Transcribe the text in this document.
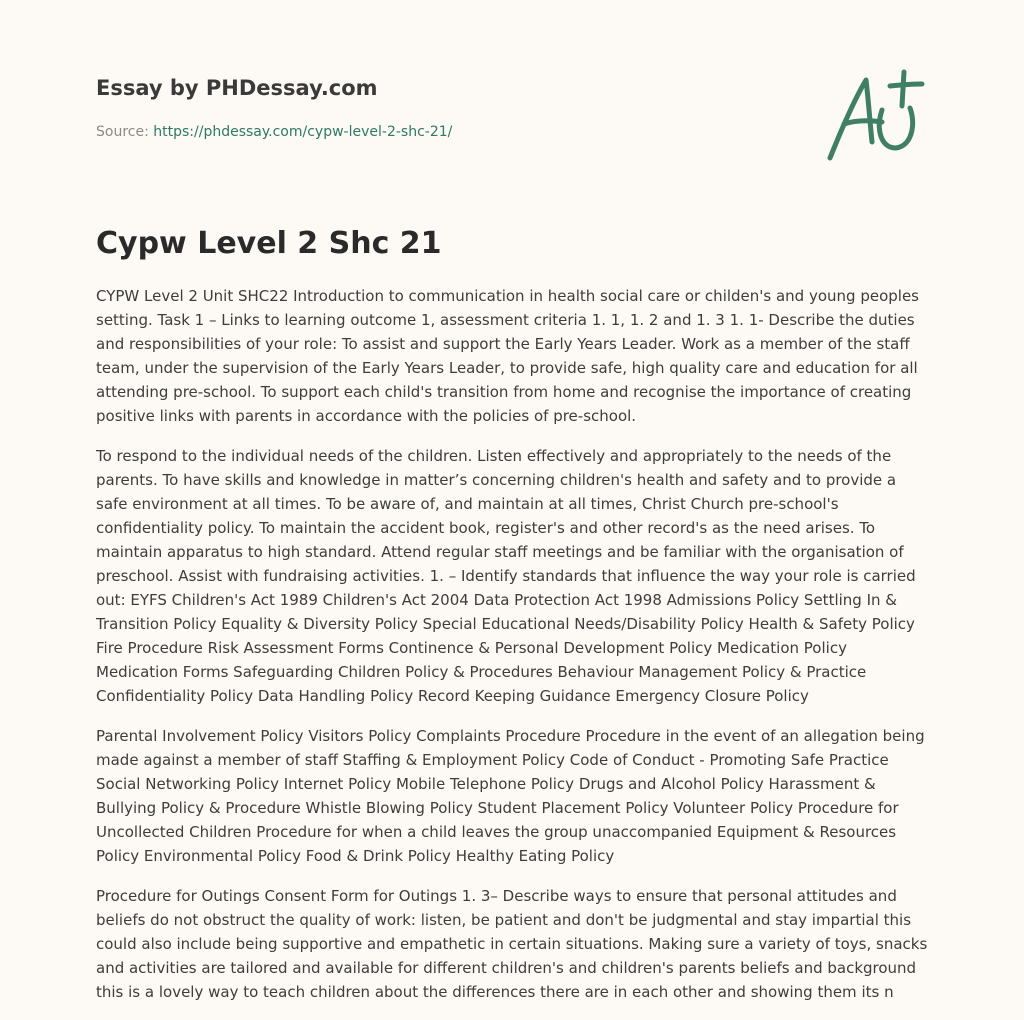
Essay by PHDessay.com
Source: https://phdessay.com/cypw-level-2-shc-21/
Cypw Level 2 Shc 21

CYPW Level 2 Unit SHC22 Introduction to communication in health social care or childen's and young peoples setting. Task 1 – Links to learning outcome 1, assessment criteria 1. 1, 1. 2 and 1. 3 1. 1- Describe the duties and responsibilities of your role: To assist and support the Early Years Leader. Work as a member of the staff team, under the supervision of the Early Years Leader, to provide safe, high quality care and education for all attending pre-school. To support each child's transition from home and recognise the importance of creating positive links with parents in accordance with the policies of pre-school.

To respond to the individual needs of the children. Listen effectively and appropriately to the needs of the parents. To have skills and knowledge in matter’s concerning children's health and safety and to provide a safe environment at all times. To be aware of, and maintain at all times, Christ Church pre-school's confidentiality policy. To maintain the accident book, register's and other record's as the need arises. To maintain apparatus to high standard. Attend regular staff meetings and be familiar with the organisation of preschool. Assist with fundraising activities. 1. – Identify standards that influence the way your role is carried out: EYFS Children's Act 1989 Children's Act 2004 Data Protection Act 1998 Admissions Policy Settling In & Transition Policy Equality & Diversity Policy Special Educational Needs/Disability Policy Health & Safety Policy Fire Procedure Risk Assessment Forms Continence & Personal Development Policy Medication Policy Medication Forms Safeguarding Children Policy & Procedures Behaviour Management Policy & Practice Confidentiality Policy Data Handling Policy Record Keeping Guidance Emergency Closure Policy

Parental Involvement Policy Visitors Policy Complaints Procedure Procedure in the event of an allegation being made against a member of staff Staffing & Employment Policy Code of Conduct - Promoting Safe Practice Social Networking Policy Internet Policy Mobile Telephone Policy Drugs and Alcohol Policy Harassment & Bullying Policy & Procedure Whistle Blowing Policy Student Placement Policy Volunteer Policy Procedure for Uncollected Children Procedure for when a child leaves the group unaccompanied Equipment & Resources Policy Environmental Policy Food & Drink Policy Healthy Eating Policy

Procedure for Outings Consent Form for Outings 1. 3– Describe ways to ensure that personal attitudes and beliefs do not obstruct the quality of work: listen, be patient and don't be judgmental and stay impartial this could also include being supportive and empathetic in certain situations. Making sure a variety of toys, snacks and activities are tailored and available for different children's and children's parents beliefs and background this is a lovely way to teach children about the differences there are in each other and showing them its n
